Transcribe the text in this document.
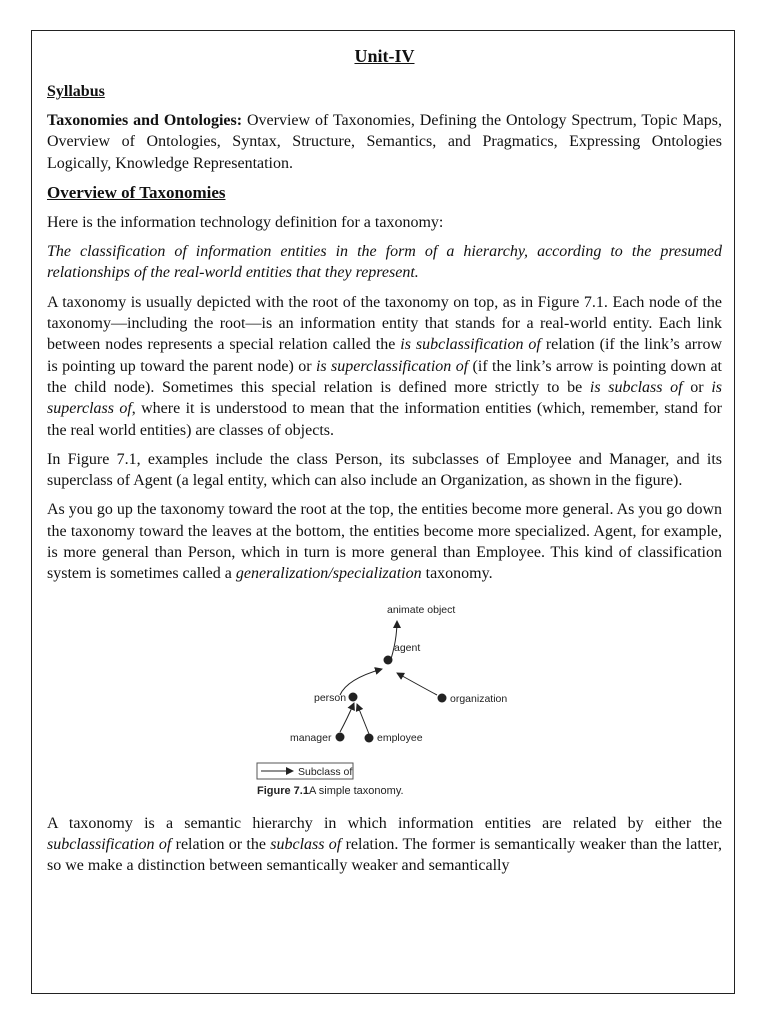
Unit-IV
Syllabus

Taxonomies and Ontologies: Overview of Taxonomies, Defining the Ontology Spectrum, Topic Maps, Overview of Ontologies, Syntax, Structure, Semantics, and Pragmatics, Expressing Ontologies Logically, Knowledge Representation.

Overview of Taxonomies

Here is the information technology definition for a taxonomy:

The classification of information entities in the form of a hierarchy, according to the presumed relationships of the real-world entities that they represent.

A taxonomy is usually depicted with the root of the taxonomy on top, as in Figure 7.1. Each node of the taxonomy—including the root—is an information entity that stands for a real-world entity. Each link between nodes represents a special relation called the is subclassification of relation (if the link’s arrow is pointing up toward the parent node) or is superclassification of (if the link’s arrow is pointing down at the child node). Sometimes this special relation is defined more strictly to be is subclass of or is superclass of, where it is understood to mean that the information entities (which, remember, stand for the real world entities) are classes of objects.

In Figure 7.1, examples include the class Person, its subclasses of Employee and Manager, and its superclass of Agent (a legal entity, which can also include an Organization, as shown in the figure).

As you go up the taxonomy toward the root at the top, the entities become more general. As you go down the taxonomy toward the leaves at the bottom, the entities become more specialized. Agent, for example, is more general than Person, which in turn is more general than Employee. This kind of classification system is sometimes called a generalization/specialization taxonomy.

animate object
agent
person	organization
manager	employee
Subclass of
Figure 7.1 A simple taxonomy.

A taxonomy is a semantic hierarchy in which information entities are related by either the subclassification of relation or the subclass of relation. The former is semantically weaker than the latter, so we make a distinction between semantically weaker and semantically
